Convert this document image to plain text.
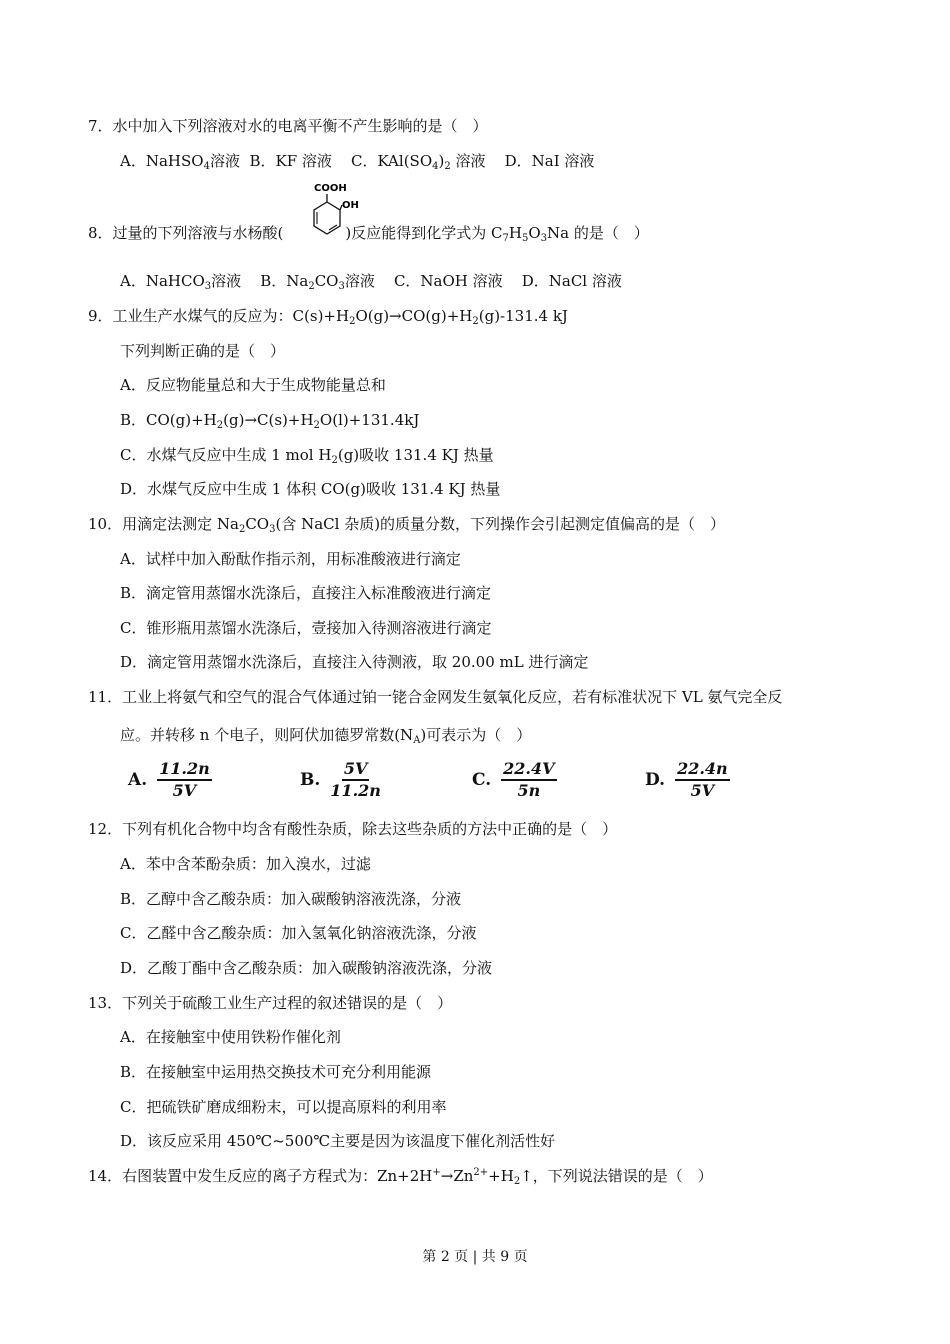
7．水中加入下列溶液对水的电离平衡不产生影响的是（　）
A．NaHSO$_4$溶液 B．KF 溶液 C．$KAl(SO_4)_2$ 溶液 D．NaI 溶液
COOH
OH
8．过量的下列溶液与水杨酸(	)反应能得到化学式为 $C_7H_5O_3Na$ 的是（　）
A．NaHCO$_3$溶液 B．$Na_2CO_3$溶液 C．NaOH 溶液 D．NaCl 溶液
9．工业生产水煤气的反应为：$C(s)+H_2O(g)\to CO(g)+H_2(g)-131.4$ kJ
下列判断正确的是（　）
A．反应物能量总和大于生成物能量总和
B．$CO(g)+H_2(g)\to C(s)+H_2O(l)+131.4kJ$
C．水煤气反应中生成 1 mol $H_2(g)$吸收 131.4 KJ 热量
D．水煤气反应中生成 1 体积 CO(g)吸收 131.4 KJ 热量
10．用滴定法测定 $Na_2CO_3$(含 NaCl 杂质)的质量分数，下列操作会引起测定值偏高的是（　）
A．试样中加入酚酞作指示剂，用标准酸液进行滴定
B．滴定管用蒸馏水洗涤后，直接注入标准酸液进行滴定
C．锥形瓶用蒸馏水洗涤后，壹接加入待测溶液进行滴定
D．滴定管用蒸馏水洗涤后，直接注入待测液，取 20.00 mL 进行滴定
11．工业上将氨气和空气的混合气体通过铂一铑合金网发生氨氧化反应，若有标准状况下 VL 氨气完全反
应。并转移 n 个电子，则阿伏加德罗常数$(N_A)$可表示为（　）
A. $\frac{11.2n}{5V}$	B. $\frac{5V}{11.2n}$	C. $\frac{22.4V}{5n}$	D. $\frac{22.4n}{5V}$
12．下列有机化合物中均含有酸性杂质，除去这些杂质的方法中正确的是（　）
A．苯中含苯酚杂质：加入溴水，过滤
B．乙醇中含乙酸杂质：加入碳酸钠溶液洗涤，分液
C．乙醛中含乙酸杂质：加入氢氧化钠溶液洗涤，分液
D．乙酸丁酯中含乙酸杂质：加入碳酸钠溶液洗涤，分液
13．下列关于硫酸工业生产过程的叙述错误的是（　）
A．在接触室中使用铁粉作催化剂
B．在接触室中运用热交换技术可充分利用能源
C．把硫铁矿磨成细粉末，可以提高原料的利用率
D．该反应采用 450℃~500℃主要是因为该温度下催化剂活性好
14．右图装置中发生反应的离子方程式为：$Zn+2H^+\to Zn^{2+}+H_2↑$，下列说法错误的是（　）
第 2 页 | 共 9 页
